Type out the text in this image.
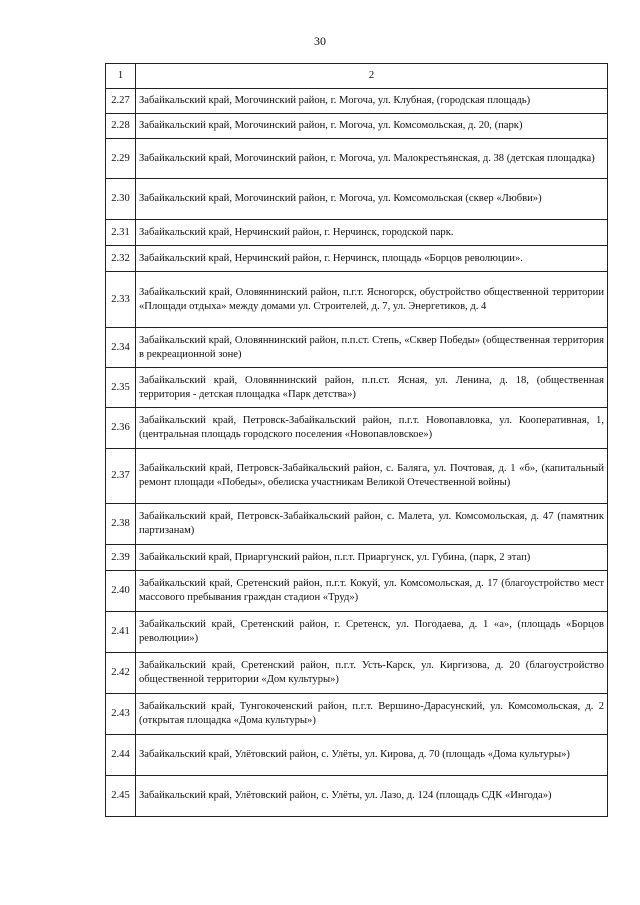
30
1	2
2.27	Забайкальский край, Могочинский район, г. Могоча, ул. Клубная, (городская площадь)
2.28	Забайкальский край, Могочинский район, г. Могоча, ул. Комсомольская, д. 20, (парк)
2.29	Забайкальский край, Могочинский район, г. Могоча, ул. Малокрестьянская, д. 38 (детская площадка)
2.30	Забайкальский край, Могочинский район, г. Могоча, ул. Комсомольская (сквер «Любви»)
2.31	Забайкальский край, Нерчинский район, г. Нерчинск, городской парк.
2.32	Забайкальский край, Нерчинский район, г. Нерчинск, площадь «Борцов революции».
2.33	Забайкальский край, Оловяннинский район, п.г.т. Ясногорск, обустройство общественной территории «Площади отдыха» между домами ул. Строителей, д. 7, ул. Энергетиков, д. 4
2.34	Забайкальский край, Оловяннинский район, п.п.ст. Степь, «Сквер Победы» (общественная территория в рекреационной зоне)
2.35	Забайкальский край, Оловяннинский район, п.п.ст. Ясная, ул. Ленина, д. 18, (общественная территория - детская площадка «Парк детства»)
2.36	Забайкальский край, Петровск-Забайкальский район, п.г.т. Новопавловка, ул. Кооперативная, 1, (центральная площадь городского поселения «Новопавловское»)
2.37	Забайкальский край, Петровск-Забайкальский район, с. Баляга, ул. Почтовая, д. 1 «б», (капитальный ремонт площади «Победы», обелиска участникам Великой Отечественной войны)
2.38	Забайкальский край, Петровск-Забайкальский район, с. Малета, ул. Комсомольская, д. 47 (памятник партизанам)
2.39	Забайкальский край, Приаргунский район, п.г.т. Приаргунск, ул. Губина, (парк, 2 этап)
2.40	Забайкальский край, Сретенский район, п.г.т. Кокуй, ул. Комсомольская, д. 17 (благоустройство мест массового пребывания граждан стадион «Труд»)
2.41	Забайкальский край, Сретенский район, г. Сретенск, ул. Погодаева, д. 1 «а», (площадь «Борцов революции»)
2.42	Забайкальский край, Сретенский район, п.г.т. Усть-Карск, ул. Киргизова, д. 20 (благоустройство общественной территории «Дом культуры»)
2.43	Забайкальский край, Тунгокоченский район, п.г.т. Вершино-Дарасунский, ул. Комсомольская, д. 2 (открытая площадка «Дома культуры»)
2.44	Забайкальский край, Улётовский район, с. Улёты, ул. Кирова, д. 70 (площадь «Дома культуры»)
2.45	Забайкальский край, Улётовский район, с. Улёты, ул. Лазо, д. 124 (площадь СДК «Ингода»)
